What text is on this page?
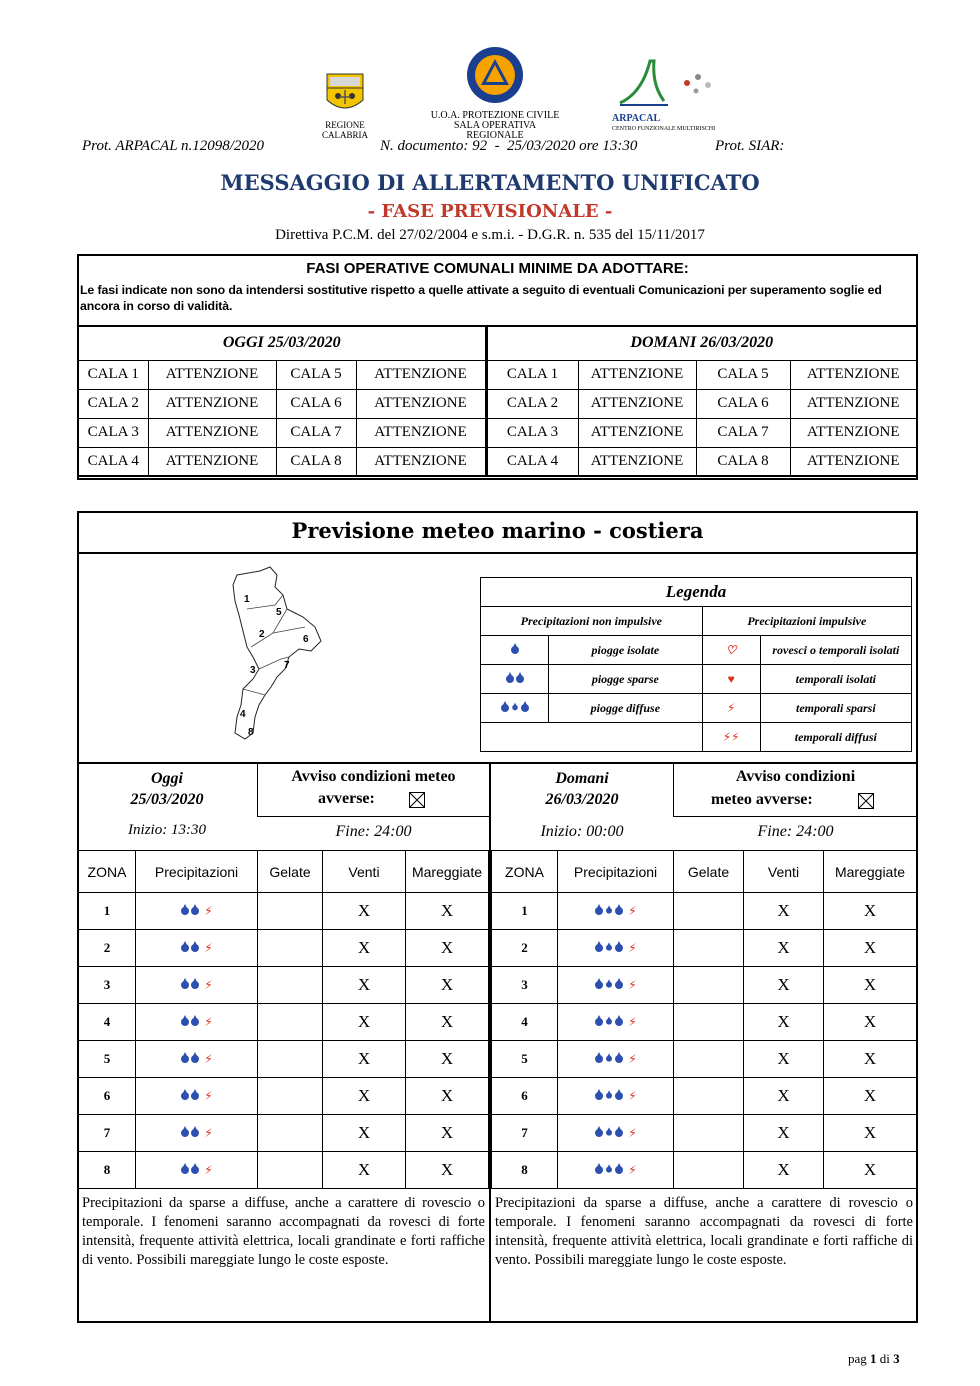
REGIONE CALABRIA
U.O.A. PROTEZIONE CIVILE
SALA OPERATIVA REGIONALE
ARPACAL
CENTRO FUNZIONALE MULTIRISCHI
Prot. ARPACAL n.12098/2020	N. documento: 92  -  25/03/2020 ore 13:30	Prot. SIAR:
MESSAGGIO DI ALLERTAMENTO UNIFICATO
- FASE PREVISIONALE -
Direttiva P.C.M. del 27/02/2004 e s.m.i. - D.G.R. n. 535 del 15/11/2017
FASI OPERATIVE COMUNALI MINIME DA ADOTTARE:
Le fasi indicate non sono da intendersi sostitutive rispetto a quelle attivate a seguito di eventuali Comunicazioni per superamento soglie ed ancora in corso di validità.
OGGI 25/03/2020				DOMANI 26/03/2020			
CALA 1	ATTENZIONE	CALA 5	ATTENZIONE	CALA 1	ATTENZIONE	CALA 5	ATTENZIONE
CALA 2	ATTENZIONE	CALA 6	ATTENZIONE	CALA 2	ATTENZIONE	CALA 6	ATTENZIONE
CALA 3	ATTENZIONE	CALA 7	ATTENZIONE	CALA 3	ATTENZIONE	CALA 7	ATTENZIONE
CALA 4	ATTENZIONE	CALA 8	ATTENZIONE	CALA 4	ATTENZIONE	CALA 8	ATTENZIONE
Previsione meteo marino - costiera
1
5
2	6
3	7
4
8
Legenda			
Precipitazioni non impulsive		Precipitazioni impulsive	
	piogge isolate	♡	rovesci o temporali isolati
	piogge sparse	♥	temporali isolati
	piogge diffuse	⚡	temporali sparsi
		⚡⚡	temporali diffusi
Oggi
25/03/2020
Avviso condizioni meteo
avverse:
Inizio: 13:30	Fine: 24:00
Domani
26/03/2020
Avviso condizioni
meteo avverse:
Inizio: 00:00	Fine: 24:00
ZONA	Precipitazioni	Gelate	Venti	Mareggiate
1	⚡		X	X
2	⚡		X	X
3	⚡		X	X
4	⚡		X	X
5	⚡		X	X
6	⚡		X	X
7	⚡		X	X
8	⚡		X	X
ZONA	Precipitazioni	Gelate	Venti	Mareggiate
1	⚡		X	X
2	⚡		X	X
3	⚡		X	X
4	⚡		X	X
5	⚡		X	X
6	⚡		X	X
7	⚡		X	X
8	⚡		X	X
Precipitazioni da sparse a diffuse, anche a carattere di rovescio o temporale. I fenomeni saranno accompagnati da rovesci di forte intensità, frequente attività elettrica, locali grandinate e forti raffiche di vento. Possibili mareggiate lungo le coste esposte.
Precipitazioni da sparse a diffuse, anche a carattere di rovescio o temporale. I fenomeni saranno accompagnati da rovesci di forte intensità, frequente attività elettrica, locali grandinate e forti raffiche di vento. Possibili mareggiate lungo le coste esposte.
pag 1 di 3
